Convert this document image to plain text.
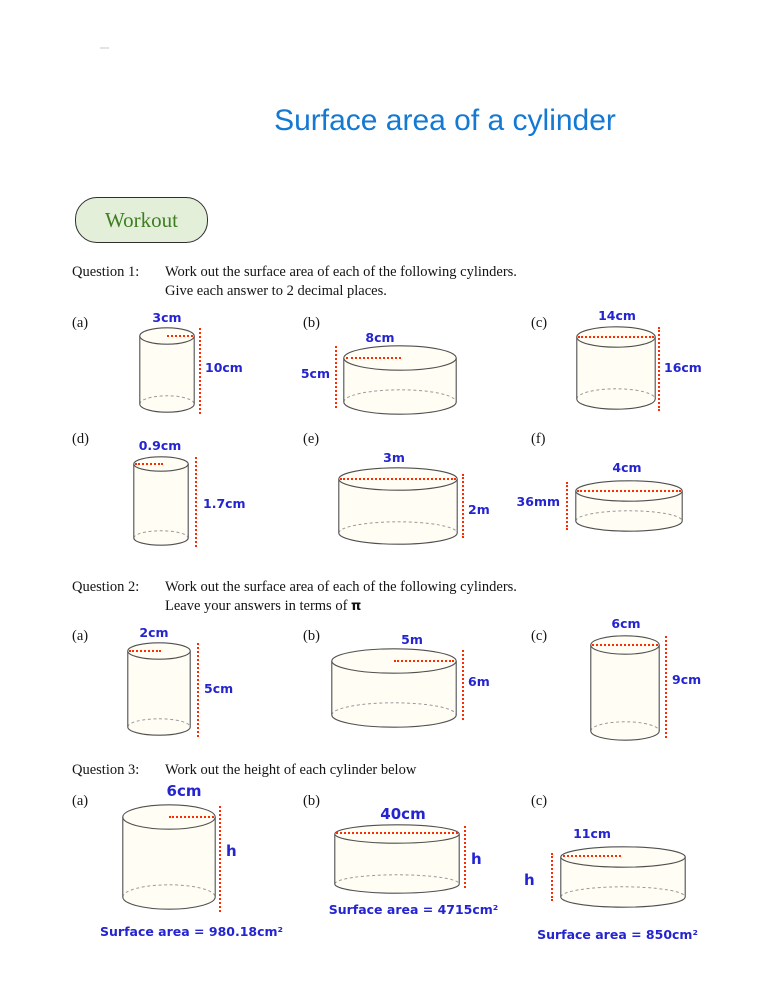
Surface area of a cylinder
Workout
Question 1: Work out the surface area of each of the following cylinders.
Give each answer to 2 decimal places.
(a)	(b)	(c)
3cm
10cm
8cm
5cm
14cm
16cm
(d)	(e)	(f)
0.9cm
1.7cm
3m
2m
4cm
36mm
Question 2: Work out the surface area of each of the following cylinders.
Leave your answers in terms of π
(a)	(b)	(c)
2cm
5cm
5m
6m
6cm
9cm
Question 3: Work out the height of each cylinder below
(a)	(b)	(c)
6cm
h
Surface area = 980.18cm²
40cm
h
Surface area = 4715cm²
11cm
h
Surface area = 850cm²
